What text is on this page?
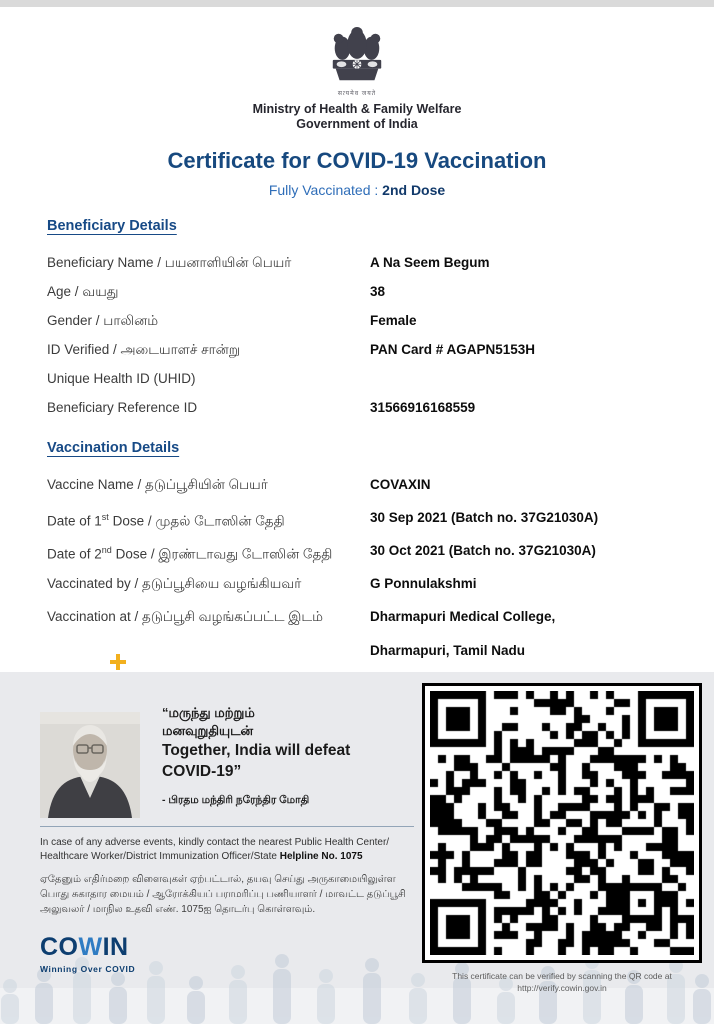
सत्यमेव जयते
Ministry of Health & Family Welfare
Government of India
Certificate for COVID-19 Vaccination
Fully Vaccinated : 2nd Dose
Beneficiary Details
Beneficiary Name / பயனாளியின் பெயர்	A Na Seem Begum
Age / வயது	38
Gender / பாலினம்	Female
ID Verified / அடையாளச் சான்று	PAN Card # AGAPN5153H
Unique Health ID (UHID)
Beneficiary Reference ID	31566916168559
Vaccination Details
Vaccine Name / தடுப்பூசியின் பெயர்	COVAXIN
Date of 1st Dose / முதல் டோஸின் தேதி	30 Sep 2021 (Batch no. 37G21030A)
Date of 2nd Dose / இரண்டாவது டோஸின் தேதி	30 Oct 2021 (Batch no. 37G21030A)
Vaccinated by / தடுப்பூசியை வழங்கியவர்	G Ponnulakshmi
Vaccination at / தடுப்பூசி வழங்கப்பட்ட இடம்	Dharmapuri Medical College,
Dharmapuri, Tamil Nadu
“மருந்து மற்றும்
மனவுறுதியுடன்
Together, India will defeat
COVID-19”
- பிரதம மந்திரி நரேந்திர மோதி

In case of any adverse events, kindly contact the nearest Public Health Center/ Healthcare Worker/District Immunization Officer/State Helpline No. 1075

ஏதேனும் எதிர்மறை விளைவுகள் ஏற்பட்டால், தயவு செய்து அருகாமையிலுள்ள பொது சுகாதார மையம் / ஆரோக்கியப் பராமரிப்பு பணியாளர் / மாவட்ட தடுப்பூசி அலுவலர் / மாநில உதவி எண். 1075ஐ தொடர்பு கொள்ளவும்.

COWIN
Winning Over COVID
This certificate can be verified by scanning the QR code at
http://verify.cowin.gov.in
